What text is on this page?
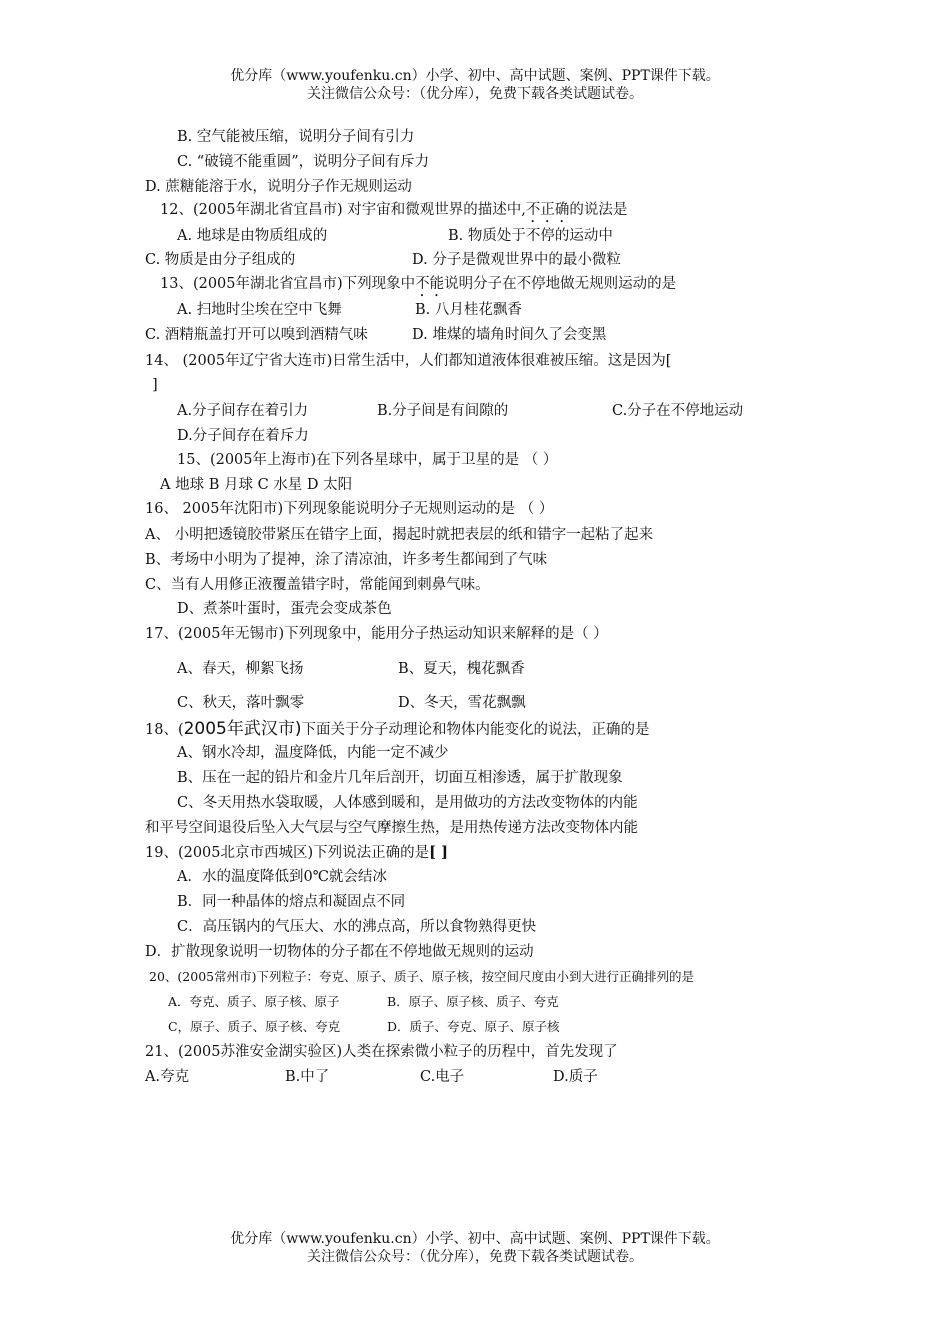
优分库（www.youfenku.cn）小学、初中、高中试题、案例、PPT课件下载。
关注微信公众号：（优分库），免费下载各类试题试卷。
B. 空气能被压缩，说明分子间有引力
C. “破镜不能重圆”，说明分子间有斥力
D. 蔗糖能溶于水，说明分子作无规则运动
12、(2005年湖北省宜昌市) 对宇宙和微观世界的描述中,不正确的说法是
A. 地球是由物质组成的	B. 物质处于不停的运动中
C. 物质是由分子组成的	D. 分子是微观世界中的最小微粒
13、(2005年湖北省宜昌市)下列现象中不能说明分子在不停地做无规则运动的是
A. 扫地时尘埃在空中飞舞	B. 八月桂花飘香
C. 酒精瓶盖打开可以嗅到酒精气味	D. 堆煤的墙角时间久了会变黑
14、 (2005年辽宁省大连市)日常生活中，人们都知道液体很难被压缩。这是因为[
]
A.分子间存在着引力	B.分子间是有间隙的	C.分子在不停地运动
D.分子间存在着斥力
15、(2005年上海市)在下列各星球中，属于卫星的是 （ ）
A 地球 B 月球 C 水星 D 太阳
16、 2005年沈阳市)下列现象能说明分子无规则运动的是 （ ）
A、 小明把透镜胶带紧压在错字上面，揭起时就把表层的纸和错字一起粘了起来
B、考场中小明为了提神，涂了清凉油，许多考生都闻到了气味
C、当有人用修正液覆盖错字时，常能闻到刺鼻气味。
D、煮茶叶蛋时，蛋壳会变成茶色
17、(2005年无锡市)下列现象中，能用分子热运动知识来解释的是（ ）
A、春天，柳絮飞扬	B、夏天，槐花飘香
C、秋天，落叶飘零	D、冬天，雪花飘飘
18、(2005年武汉市)下面关于分子动理论和物体内能变化的说法，正确的是
A、钢水冷却，温度降低，内能一定不减少
B、压在一起的铅片和金片几年后剖开，切面互相渗透，属于扩散现象
C、冬天用热水袋取暖，人体感到暖和，是用做功的方法改变物体的内能
和平号空间退役后坠入大气层与空气摩擦生热，是用热传递方法改变物体内能
19、(2005北京市西城区)下列说法正确的是[ ]
A．水的温度降低到0℃就会结冰
B．同一种晶体的熔点和凝固点不同
C．高压锅内的气压大、水的沸点高，所以食物熟得更快
D．扩散现象说明一切物体的分子都在不停地做无规则的运动
20、(2005常州市)下列粒子：夸克、原子、质子、原子核，按空间尺度由小到大进行正确排列的是
A．夸克、质子、原子核、原子	B．原子、原子核、质子、夸克
C，原子、质子、原子核、夸克	D．质子、夸克、原子、原子核
21、(2005苏淮安金湖实验区)人类在探索微小粒子的历程中，首先发现了
A.夸克	B.中了	C.电子	D.质子
优分库（www.youfenku.cn）小学、初中、高中试题、案例、PPT课件下载。
关注微信公众号：（优分库），免费下载各类试题试卷。
